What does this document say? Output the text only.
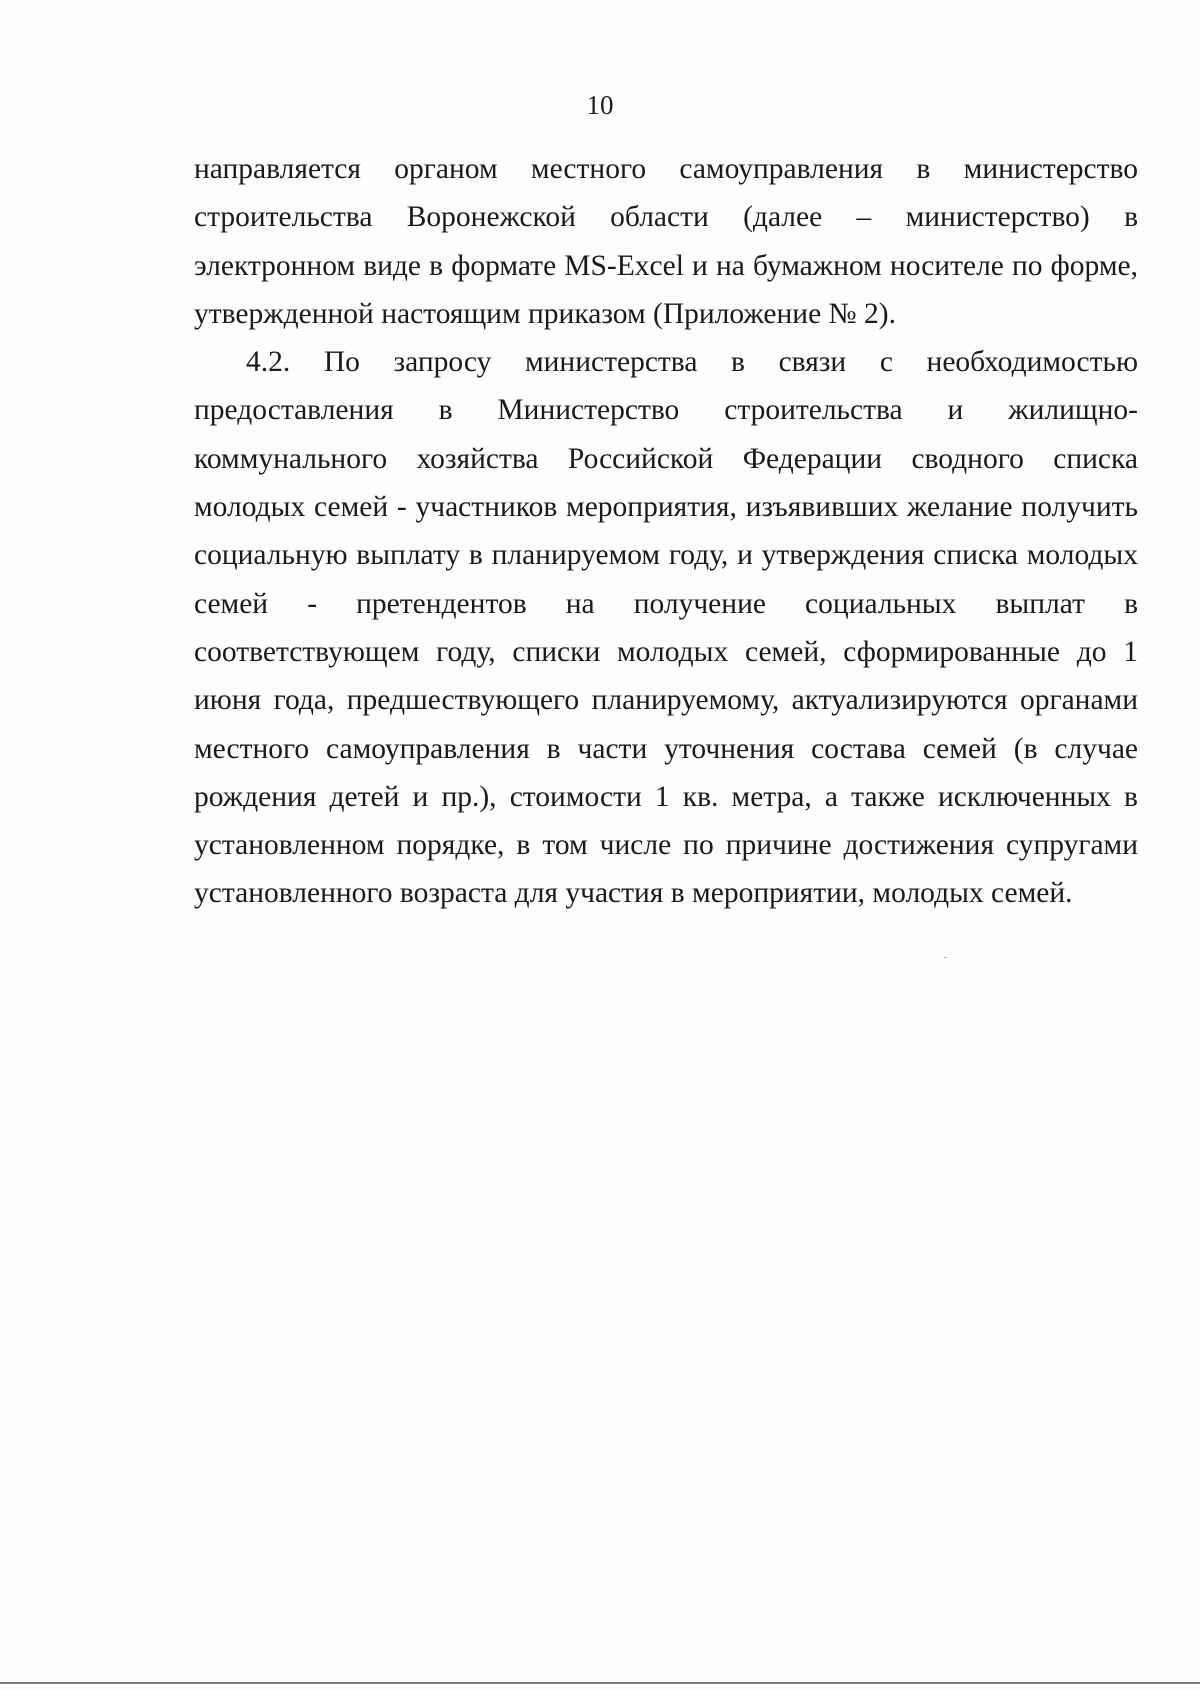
10

направляется органом местного самоуправления в министерство строительства Воронежской области (далее – министерство) в электронном виде в формате MS-Excel и на бумажном носителе по форме, утвержденной настоящим приказом (Приложение № 2).

4.2. По запросу министерства в связи с необходимостью предоставления в Министерство строительства и жилищно-коммунального хозяйства Российской Федерации сводного списка молодых семей - участников мероприятия, изъявивших желание получить социальную выплату в планируемом году, и утверждения списка молодых семей - претендентов на получение социальных выплат в соответствующем году, списки молодых семей, сформированные до 1 июня года, предшествующего планируемому, актуализируются органами местного самоуправления в части уточнения состава семей (в случае рождения детей и пр.), стоимости 1 кв. метра, а также исключенных в установленном порядке, в том числе по причине достижения супругами установленного возраста для участия в мероприятии, молодых семей.
